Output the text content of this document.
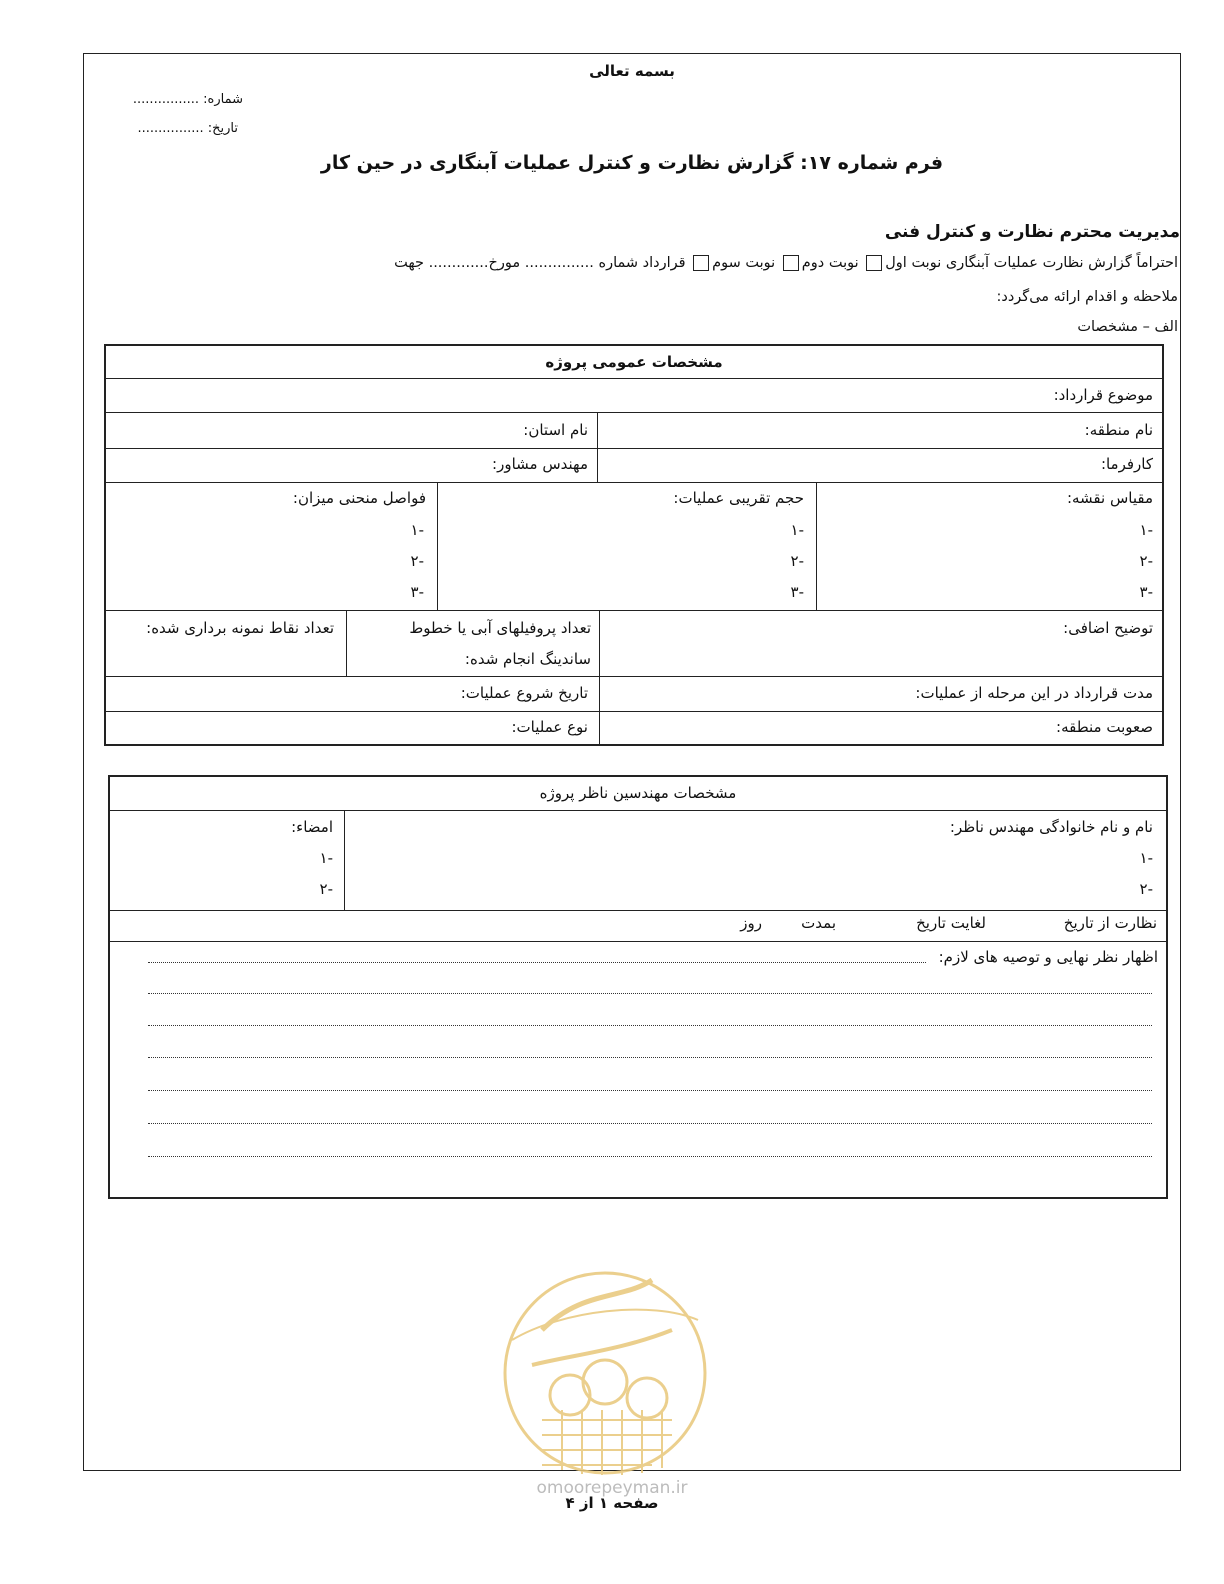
بسمه تعالی
شماره: ................
تاریخ: ................
فرم شماره ۱۷: گزارش نظارت و کنترل عملیات آبنگاری در حین کار
مدیریت محترم نظارت و کنترل فنی
احتراماً گزارش نظارت عملیات آبنگاری نوبت اول نوبت دوم نوبت سوم قرارداد شماره ............... مورخ............. جهت
ملاحظه و اقدام ارائه می‌گردد:
الف – مشخصات
مشخصات عمومی پروژه
موضوع قرارداد:
نام منطقه:
نام استان:
کارفرما:
مهندس مشاور:
مقیاس نقشه:
حجم تقریبی عملیات:
فواصل منحنی میزان:
-۱
-۲
-۳
-۱
-۲
-۳
-۱
-۲
-۳
توضیح اضافی:
تعداد پروفیلهای آبی یا خطوط
ساندینگ انجام شده:
تعداد نقاط نمونه برداری شده:
مدت قرارداد در این مرحله از عملیات:
تاریخ شروع عملیات:
صعوبت منطقه:
نوع عملیات:
مشخصات مهندسین ناظر پروژه
نام و نام خانوادگی مهندس ناظر:
-۱
-۲
امضاء:
-۱
-۲
نظارت از تاریخ
لغایت تاریخ
بمدت
روز
اظهار نظر نهایی و توصیه های لازم:
omoorepeyman.ir
صفحه ۱ از ۴
